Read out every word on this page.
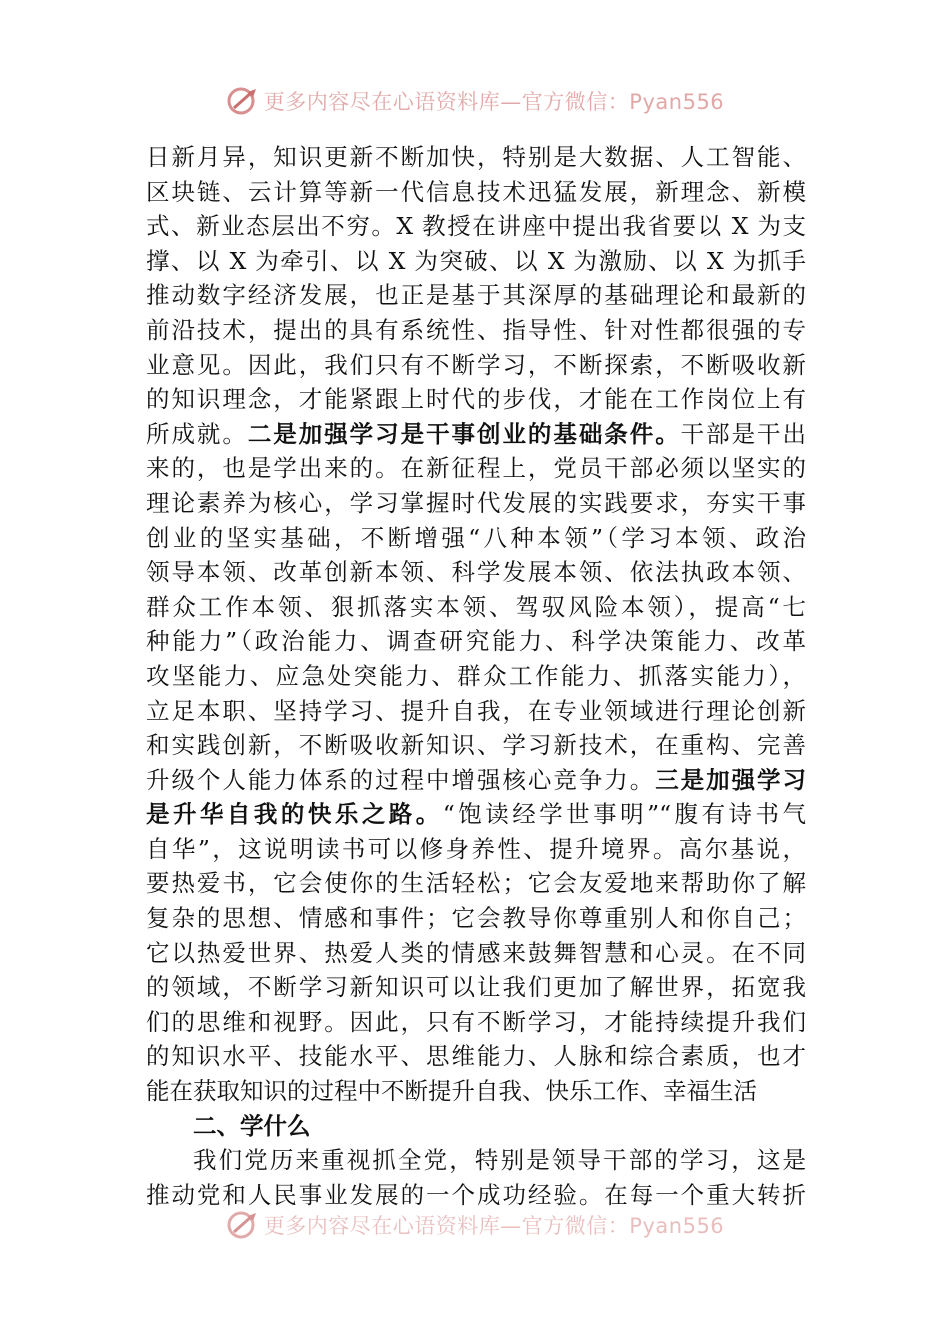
更多内容尽在心语资料库—官方微信：Pyan556
日新月异，知识更新不断加快，特别是大数据、人工智能、
区块链、云计算等新一代信息技术迅猛发展，新理念、新模
式、新业态层出不穷。X 教授在讲座中提出我省要以 X 为支
撑、以 X 为牵引、以 X 为突破、以 X 为激励、以 X 为抓手
推动数字经济发展，也正是基于其深厚的基础理论和最新的
前沿技术，提出的具有系统性、指导性、针对性都很强的专
业意见。因此，我们只有不断学习，不断探索，不断吸收新
的知识理念，才能紧跟上时代的步伐，才能在工作岗位上有
所成就。二是加强学习是干事创业的基础条件。干部是干出
来的，也是学出来的。在新征程上，党员干部必须以坚实的
理论素养为核心，学习掌握时代发展的实践要求，夯实干事
创业的坚实基础，不断增强“八种本领”（学习本领、政治
领导本领、改革创新本领、科学发展本领、依法执政本领、
群众工作本领、狠抓落实本领、驾驭风险本领），提高“七
种能力”（政治能力、调查研究能力、科学决策能力、改革
攻坚能力、应急处突能力、群众工作能力、抓落实能力），
立足本职、坚持学习、提升自我，在专业领域进行理论创新
和实践创新，不断吸收新知识、学习新技术，在重构、完善
升级个人能力体系的过程中增强核心竞争力。三是加强学习
是升华自我的快乐之路。“饱读经学世事明”“腹有诗书气
自华”，这说明读书可以修身养性、提升境界。高尔基说，
要热爱书，它会使你的生活轻松；它会友爱地来帮助你了解
复杂的思想、情感和事件；它会教导你尊重别人和你自己；
它以热爱世界、热爱人类的情感来鼓舞智慧和心灵。在不同
的领域，不断学习新知识可以让我们更加了解世界，拓宽我
们的思维和视野。因此，只有不断学习，才能持续提升我们
的知识水平、技能水平、思维能力、人脉和综合素质，也才
能在获取知识的过程中不断提升自我、快乐工作、幸福生活
二、学什么
我们党历来重视抓全党，特别是领导干部的学习，这是
推动党和人民事业发展的一个成功经验。在每一个重大转折
更多内容尽在心语资料库—官方微信：Pyan556
